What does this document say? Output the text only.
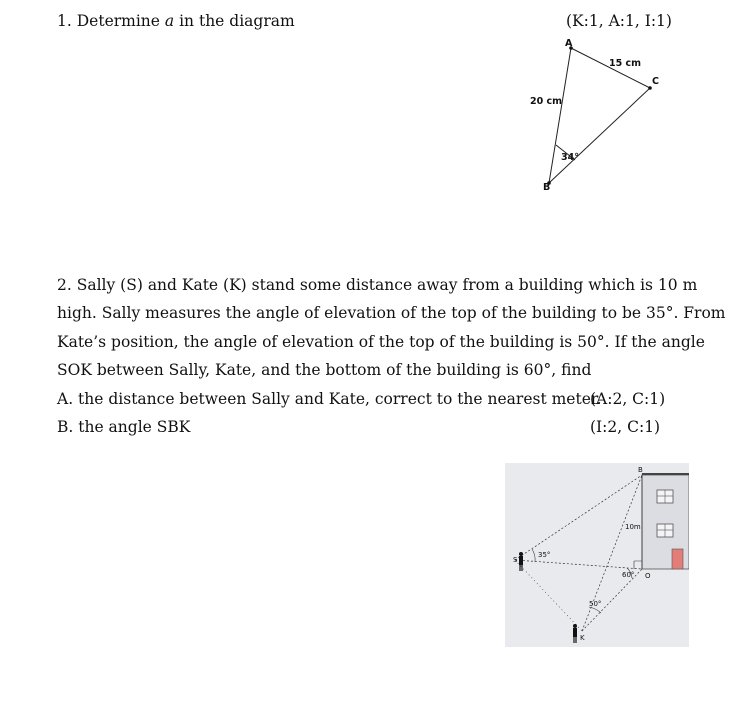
1. Determine a in the diagram	(K:1, A:1, I:1)
A
B
C
15 cm
20 cm
34°
2. Sally (S) and Kate (K) stand some distance away from a building which is 10 m
high. Sally measures the angle of elevation of the top of the building to be 35°. From
Kate’s position, the angle of elevation of the top of the building is 50°. If the angle
SOK between Sally, Kate, and the bottom of the building is 60°, find
A. the distance between Sally and Kate, correct to the nearest meter.
(A:2, C:1)
B. the angle SBK	(I:2, C:1)
B
10m
S
K
O
35°
50°
60°
